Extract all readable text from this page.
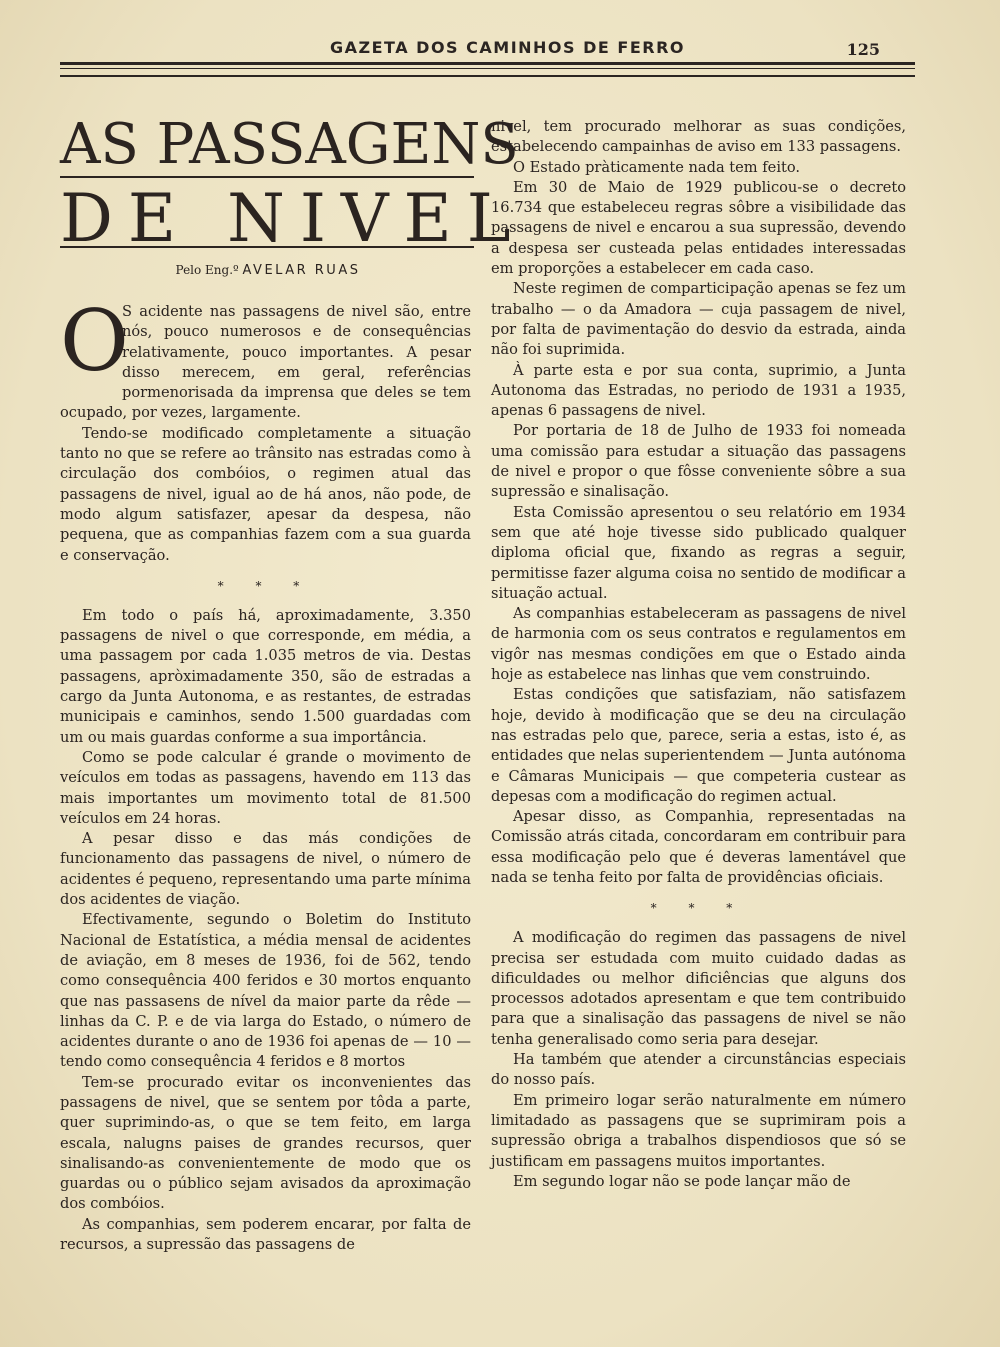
GAZETA DOS CAMINHOS DE FERRO	125
AS PASSAGENS
DE NIVEL
Pelo Eng.º AVELAR RUAS

O
S acidente nas passagens de nivel são, entre nós, pouco numerosos e de consequências relativamente, pouco importantes. A pesar disso merecem, em geral, referências pormenorisada da imprensa que deles se tem ocupado, por vezes, largamente.

Tendo-se modificado completamente a situação tanto no que se refere ao trânsito nas estradas como à circulação dos combóios, o regimen atual das passagens de nivel, igual ao de há anos, não pode, de modo algum satisfazer, apesar da despesa, não pequena, que as companhias fazem com a sua guarda e conservação.

* * *

Em todo o país há, aproximadamente, 3.350 passagens de nivel o que corresponde, em média, a uma passagem por cada 1.035 metros de via. Destas passagens, apròximadamente 350, são de estradas a cargo da Junta Autonoma, e as restantes, de estradas municipais e caminhos, sendo 1.500 guardadas com um ou mais guardas conforme a sua importância.

Como se pode calcular é grande o movimento de veículos em todas as passagens, havendo em 113 das mais importantes um movimento total de 81.500 veículos em 24 horas.

A pesar disso e das más condições de funcionamento das passagens de nivel, o número de acidentes é pequeno, representando uma parte mínima dos acidentes de viação.

Efectivamente, segundo o Boletim do Instituto Nacional de Estatística, a média mensal de acidentes de aviação, em 8 meses de 1936, foi de 562, tendo como consequência 400 feridos e 30 mortos enquanto que nas passasens de nível da maior parte da rêde — linhas da C. P. e de via larga do Estado, o número de acidentes durante o ano de 1936 foi apenas de — 10 — tendo como consequência 4 feridos e 8 mortos

Tem-se procurado evitar os inconvenientes das passagens de nivel, que se sentem por tôda a parte, quer suprimindo-as, o que se tem feito, em larga escala, nalugns paises de grandes recursos, quer sinalisando-as convenientemente de modo que os guardas ou o público sejam avisados da aproximação dos combóios.

As companhias, sem poderem encarar, por falta de recursos, a supressão das passagens de

nivel, tem procurado melhorar as suas condições, estabelecendo campainhas de aviso em 133 passagens.

O Estado pràticamente nada tem feito.

Em 30 de Maio de 1929 publicou-se o decreto 16.734 que estabeleceu regras sôbre a visibilidade das passagens de nivel e encarou a sua supressão, devendo a despesa ser custeada pelas entidades interessadas em proporções a estabelecer em cada caso.

Neste regimen de comparticipação apenas se fez um trabalho — o da Amadora — cuja passagem de nivel, por falta de pavimentação do desvio da estrada, ainda não foi suprimida.

À parte esta e por sua conta, suprimio, a Junta Autonoma das Estradas, no periodo de 1931 a 1935, apenas 6 passagens de nivel.

Por portaria de 18 de Julho de 1933 foi nomeada uma comissão para estudar a situação das passagens de nivel e propor o que fôsse conveniente sôbre a sua supressão e sinalisação.

Esta Comissão apresentou o seu relatório em 1934 sem que até hoje tivesse sido publicado qualquer diploma oficial que, fixando as regras a seguir, permitisse fazer alguma coisa no sentido de modificar a situação actual.

As companhias estabeleceram as passagens de nivel de harmonia com os seus contratos e regulamentos em vigôr nas mesmas condições em que o Estado ainda hoje as estabelece nas linhas que vem construindo.

Estas condições que satisfaziam, não satisfazem hoje, devido à modificação que se deu na circulação nas estradas pelo que, parece, seria a estas, isto é, as entidades que nelas superientendem — Junta autónoma e Câmaras Municipais — que competeria custear as depesas com a modificação do regimen actual.

Apesar disso, as Companhia, representadas na Comissão atrás citada, concordaram em contribuir para essa modificação pelo que é deveras lamentável que nada se tenha feito por falta de providências oficiais.

* * *

A modificação do regimen das passagens de nivel precisa ser estudada com muito cuidado dadas as dificuldades ou melhor dificiências que alguns dos processos adotados apresentam e que tem contribuido para que a sinalisação das passagens de nivel se não tenha generalisado como seria para desejar.

Ha também que atender a circunstâncias especiais do nosso país.

Em primeiro logar serão naturalmente em número limitadado as passagens que se suprimiram pois a supressão obriga a trabalhos dispendiosos que só se justificam em passagens muitos importantes.

Em segundo logar não se pode lançar mão de
